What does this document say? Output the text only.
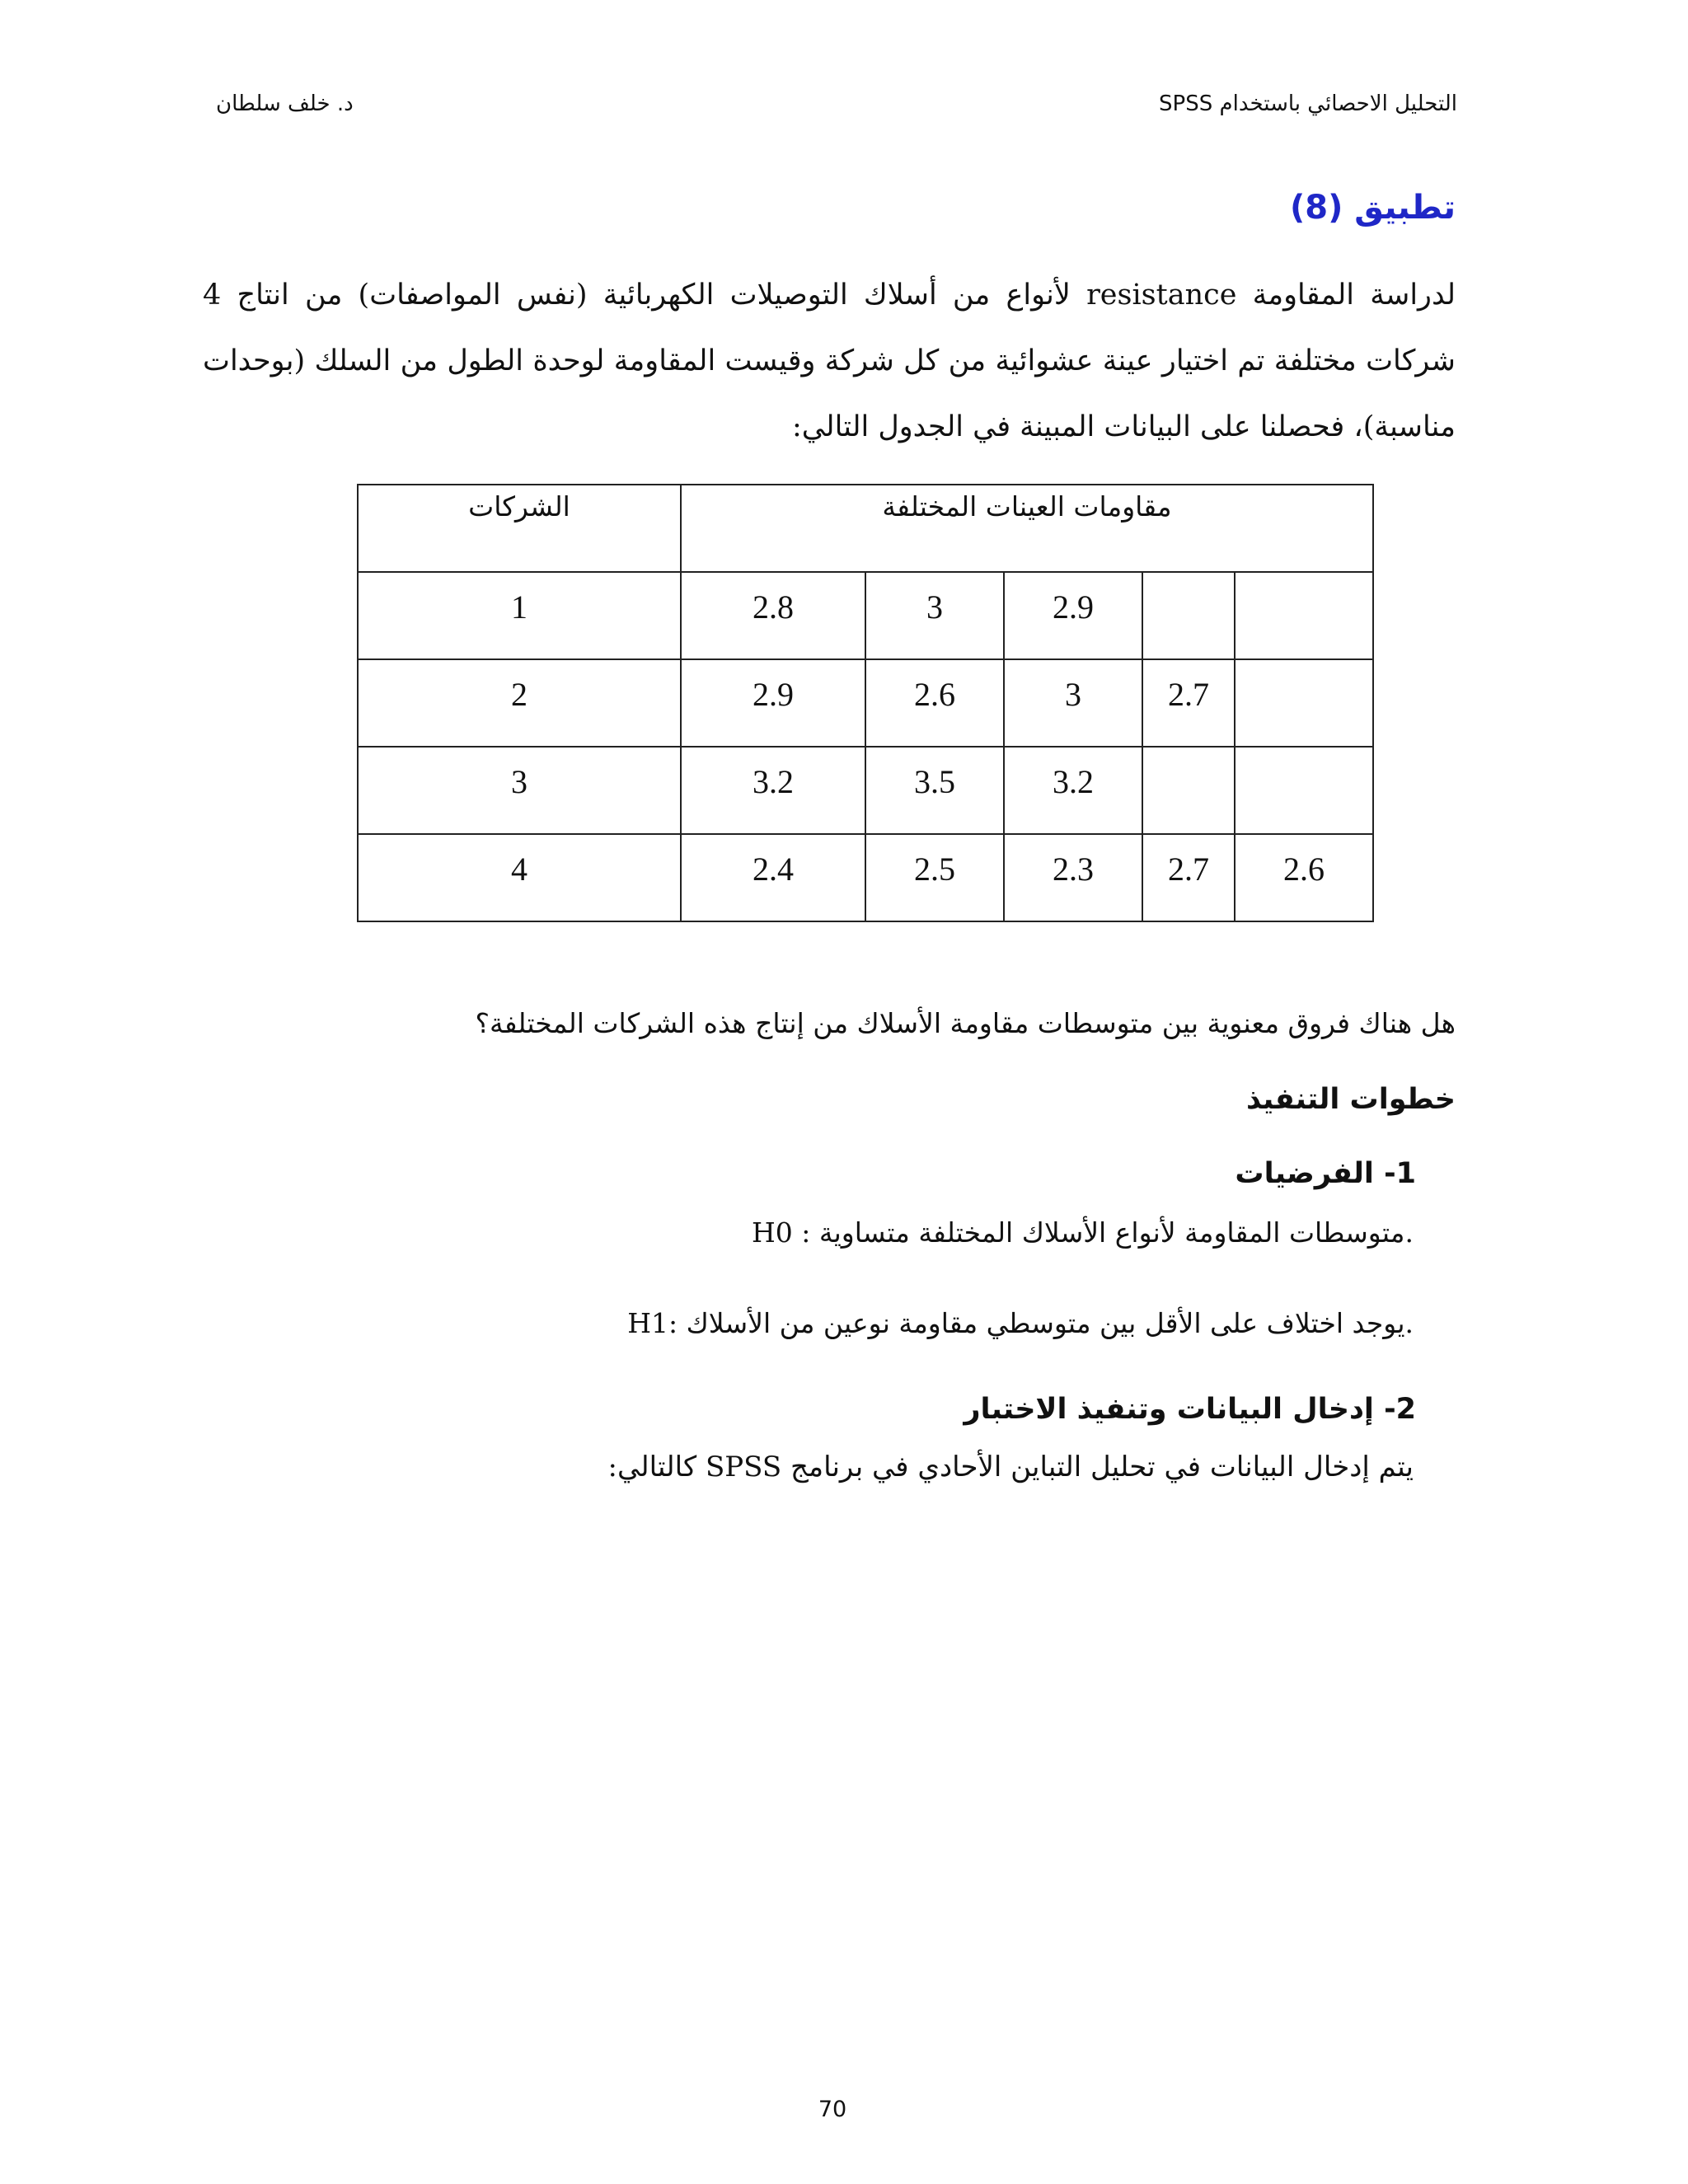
التحليل الاحصائي باستخدام SPSS
د. خلف سلطان
تطبيق (8)
لدراسة المقاومة resistance لأنواع من أسلاك التوصيلات الكهربائية (نفس المواصفات) من انتاج 4 شركات مختلفة تم اختيار عينة عشوائية من كل شركة وقيست المقاومة لوحدة الطول من السلك (بوحدات مناسبة)، فحصلنا على البيانات المبينة في الجدول التالي:
الشركات	مقاومات العينات المختلفة				

1	2.8	3	2.9		

2	2.9	2.6	3	2.7	

3	3.2	3.5	3.2		

4	2.4	2.5	2.3	2.7	2.6
هل هناك فروق معنوية بين متوسطات مقاومة الأسلاك من إنتاج هذه الشركات المختلفة؟
خطوات التنفيذ
1- الفرضيات
H0 : متوسطات المقاومة لأنواع الأسلاك المختلفة متساوية.
H1: يوجد اختلاف على الأقل بين متوسطي مقاومة نوعين من الأسلاك.
2- إدخال البيانات وتنفيذ الاختبار
يتم إدخال البيانات في تحليل التباين الأحادي في برنامج SPSS كالتالي:
70
